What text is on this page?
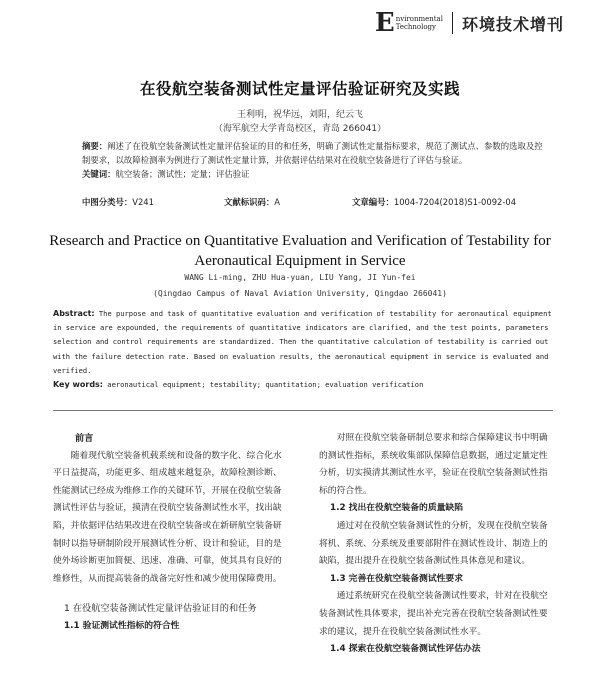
E nvironmental
Technology	环境技术增刊
在役航空装备测试性定量评估验证研究及实践
王利明，祝华远，刘阳，纪云飞
（海军航空大学青岛校区，青岛 266041）

摘要：阐述了在役航空装备测试性定量评估验证的目的和任务，明确了测试性定量指标要求，规范了测试点、参数的选取及控制要求，以故障检测率为例进行了测试性定量计算，并依据评估结果对在役航空装备进行了评估与验证。

关键词：航空装备；测试性；定量；评估验证

中图分类号：V241	文献标识码：A	文章编号：1004-7204(2018)S1-0092-04
Research and Practice on Quantitative Evaluation and Verification of Testability for
Aeronautical Equipment in Service
WANG Li-ming, ZHU Hua-yuan, LIU Yang, JI Yun-fei
(Qingdao Campus of Naval Aviation University, Qingdao 266041)

Abstract: The purpose and task of quantitative evaluation and verification of testability for aeronautical equipment in service are expounded, the requirements of quantitative indicators are clarified, and the test points, parameters selection and control requirements are standardized. Then the quantitative calculation of testability is carried out with the failure detection rate. Based on evaluation results, the aeronautical equipment in service is evaluated and verified.

Key words: aeronautical equipment; testability; quantitation; evaluation verification

前言

随着现代航空装备机载系统和设备的数字化、综合化水平日益提高，功能更多、组成越来越复杂，故障检测诊断、性能测试已经成为维修工作的关键环节，开展在役航空装备测试性评估与验证，摸清在役航空装备测试性水平，找出缺陷，并依据评估结果改进在役航空装备或在新研航空装备研制时以指导研制阶段开展测试性分析、设计和验证，目的是使外场诊断更加简便、迅速、准确、可靠，使其具有良好的维修性，从而提高装备的战备完好性和减少使用保障费用。

1 在役航空装备测试性定量评估验证目的和任务
1.1 验证测试性指标的符合性

对照在役航空装备研制总要求和综合保障建议书中明确的测试性指标，系统收集部队保障信息数据，通过定量定性分析，切实摸清其测试性水平，验证在役航空装备测试性指标的符合性。

1.2 找出在役航空装备的质量缺陷

通过对在役航空装备测试性的分析，发现在役航空装备将机、系统、分系统及重要部附件在测试性设计、制造上的缺陷，提出提升在役航空装备测试性具体意见和建议。

1.3 完善在役航空装备测试性要求

通过系统研究在役航空装备测试性要求，针对在役航空装备测试性具体要求，提出补充完善在役航空装备测试性要求的建议，提升在役航空装备测试性水平。

1.4 探索在役航空装备测试性评估办法
